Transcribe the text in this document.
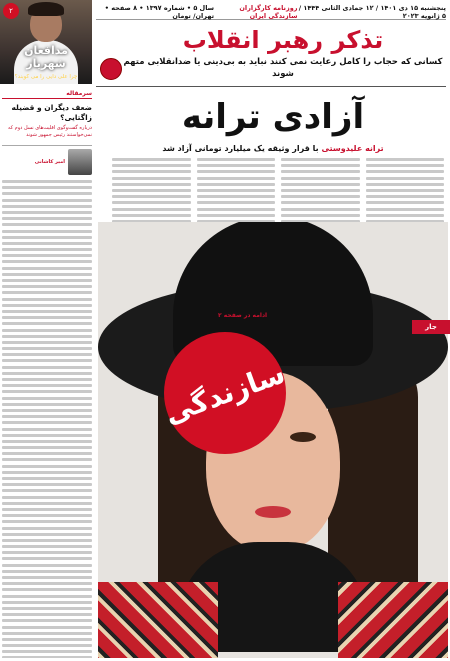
پنجشنبه ۱۵ دی ۱۴۰۱ / ۱۲ جمادی الثانی ۱۴۴۴ / ۵ ژانویه ۲۰۲۳
روزنامه کارگزاران سازندگی ایران
سال ۵ • شماره ۱۳۹۷ • ۸ صفحه • تهران/ تومان
۲
مدافعان شهریار
چرا علی دایی را می کوبند؟
تذکر رهبر انقلاب
کسانی که حجاب را کامل رعایت نمی کنند نباید به بی‌دینی یا ضدانقلابی متهم شوند
سرمقاله
ضعف دیگران و قضیله زاگتایی؟
درباره گفت‌وگوی اقلیت‌های نسل دوم که نمی‌خواستند رئیس جمهور شوند
امیر کاشانی
آزادی ترانه
ترانه علیدوستی با قرار وثیقه یک میلیارد تومانی آزاد شد
سازندگی
ادامه در صفحه ۲
جار
